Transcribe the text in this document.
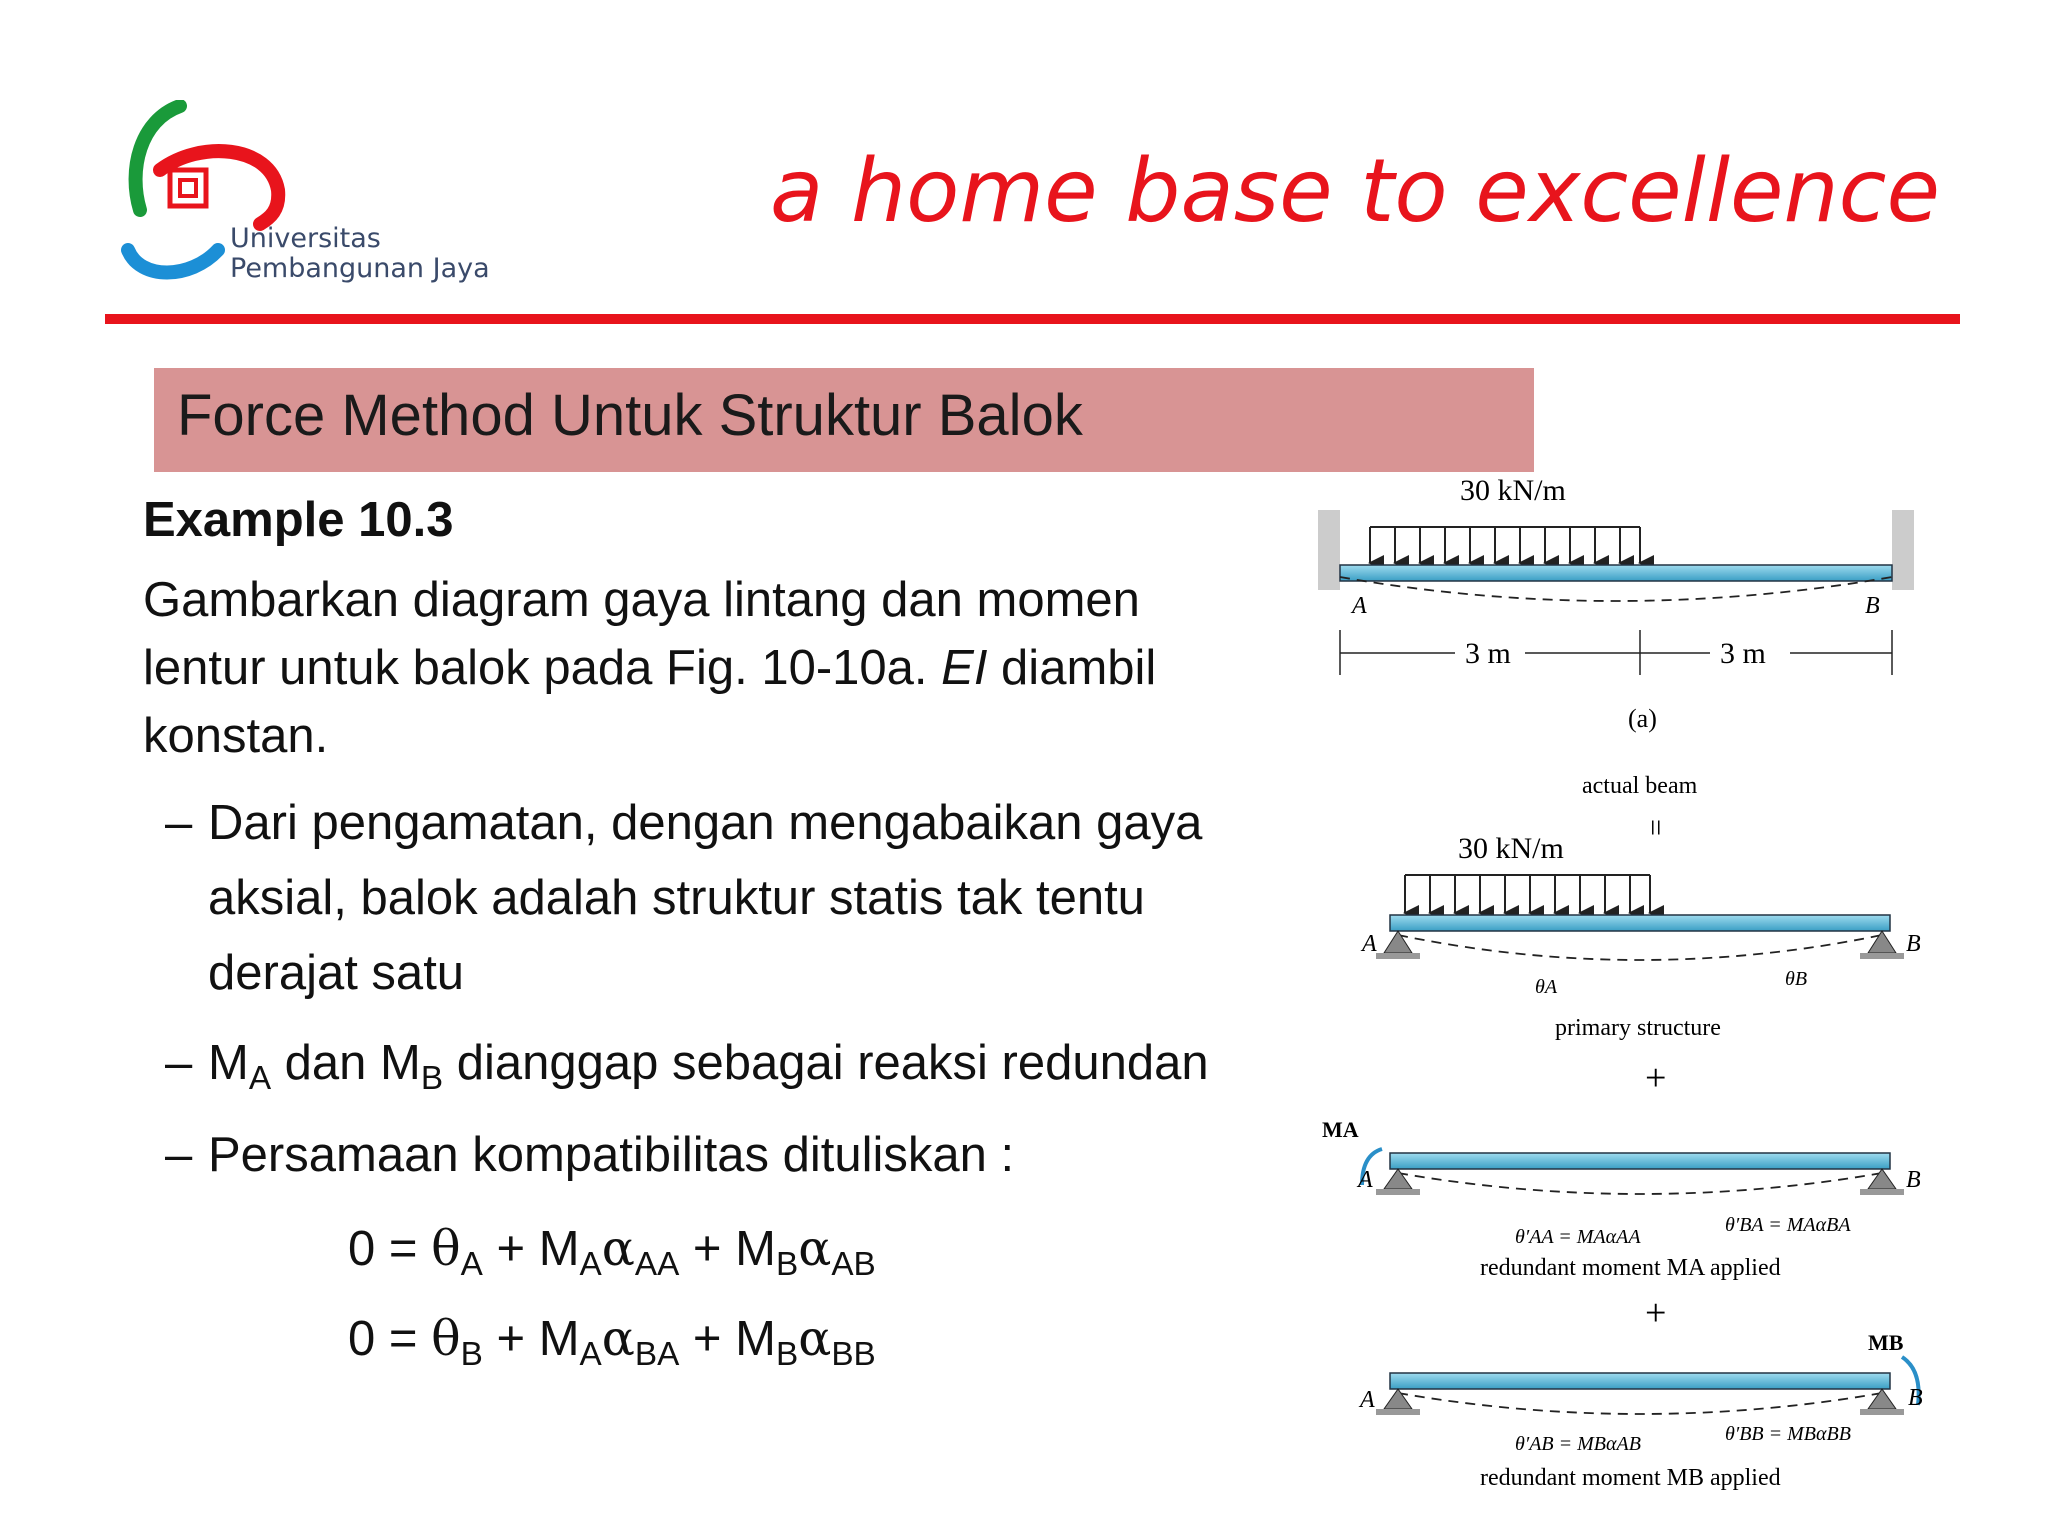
Universitas
Pembangunan Jaya
a home base to excellence
Force Method Untuk Struktur Balok
Example 10.3
Gambarkan diagram gaya lintang dan momen
lentur untuk balok pada Fig. 10-10a. EI diambil
konstan.
– Dari pengamatan, dengan mengabaikan gaya
aksial, balok adalah struktur statis tak tentu
derajat satu
– $M_A$ dan $M_B$ dianggap sebagai reaksi redundan
– Persamaan kompatibilitas dituliskan :
$0 = \theta_A + M_A\alpha_{AA} + M_B\alpha_{AB}$
$0 = \theta_B + M_A\alpha_{BA} + M_B\alpha_{BB}$
30 kN/m
A	B
3 m	3 m
(a)
actual beam
=
30 kN/m
A	B
θA	θB
primary structure
+
MA
A	B
θ′AA = MAαAA
θ′BA = MAαBA
redundant moment MA applied
+
MB
A	B
θ′AB = MBαAB	θ′BB = MBαBB
redundant moment MB applied
